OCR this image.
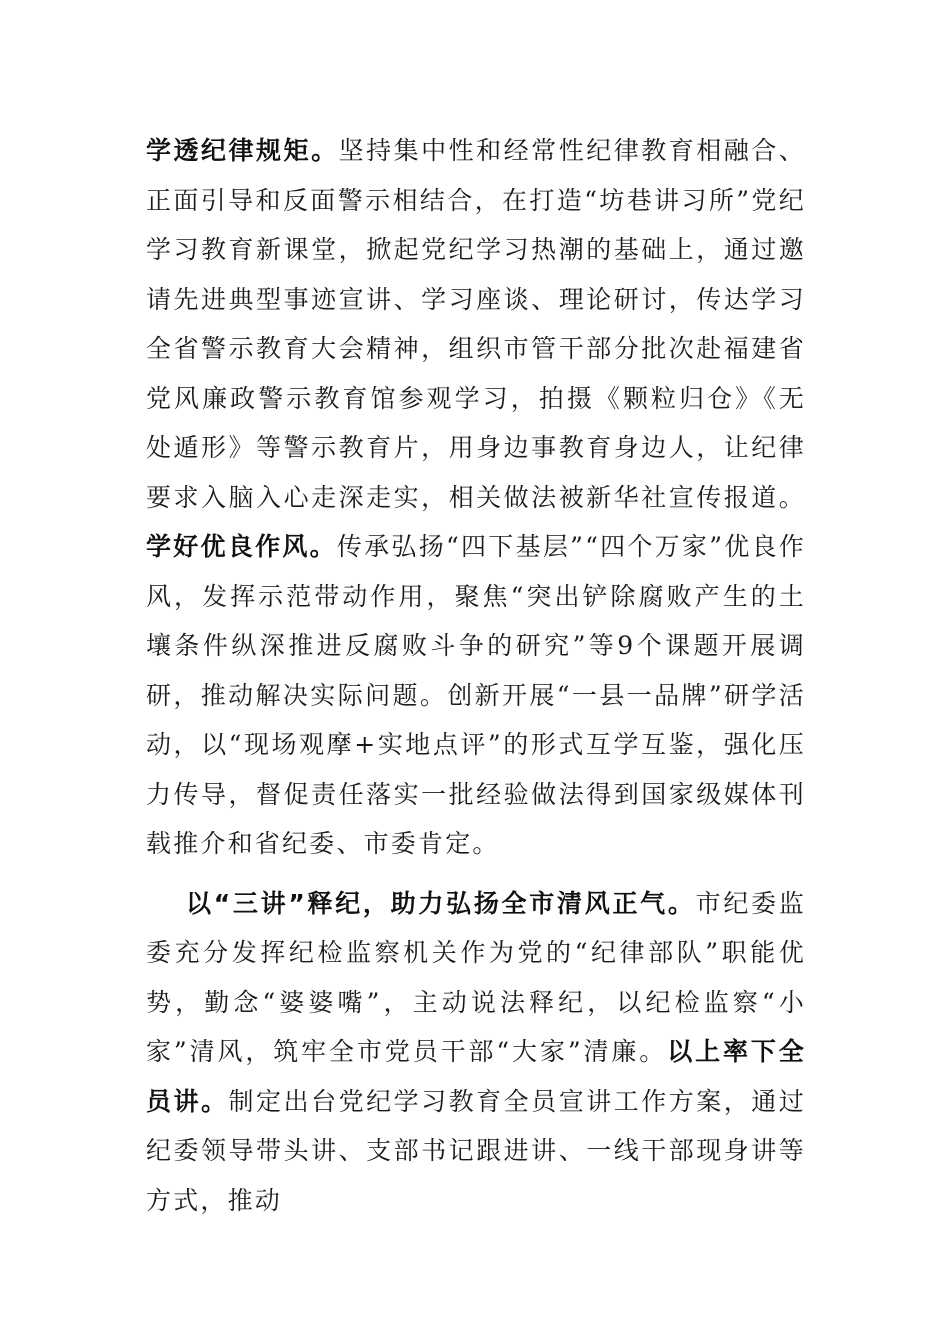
学透纪律规矩。坚持集中性和经常性纪律教育相融合、正面引导和反面警示相结合，在打造“坊巷讲习所”党纪学习教育新课堂，掀起党纪学习热潮的基础上，通过邀请先进典型事迹宣讲、学习座谈、理论研讨，传达学习全省警示教育大会精神，组织市管干部分批次赴福建省党风廉政警示教育馆参观学习，拍摄《颗粒归仓》《无处遁形》等警示教育片，用身边事教育身边人，让纪律要求入脑入心走深走实，相关做法被新华社宣传报道。学好优良作风。传承弘扬“四下基层”“四个万家”优良作风，发挥示范带动作用，聚焦“突出铲除腐败产生的土壤条件纵深推进反腐败斗争的研究”等9个课题开展调研，推动解决实际问题。创新开展“一县一品牌”研学活动，以“现场观摩+实地点评”的形式互学互鉴，强化压力传导，督促责任落实一批经验做法得到国家级媒体刊载推介和省纪委、市委肯定。

以“三讲”释纪，助力弘扬全市清风正气。市纪委监委充分发挥纪检监察机关作为党的“纪律部队”职能优势，勤念“婆婆嘴”，主动说法释纪，以纪检监察“小家”清风，筑牢全市党员干部“大家”清廉。以上率下全员讲。制定出台党纪学习教育全员宣讲工作方案，通过纪委领导带头讲、支部书记跟进讲、一线干部现身讲等方式，推动
